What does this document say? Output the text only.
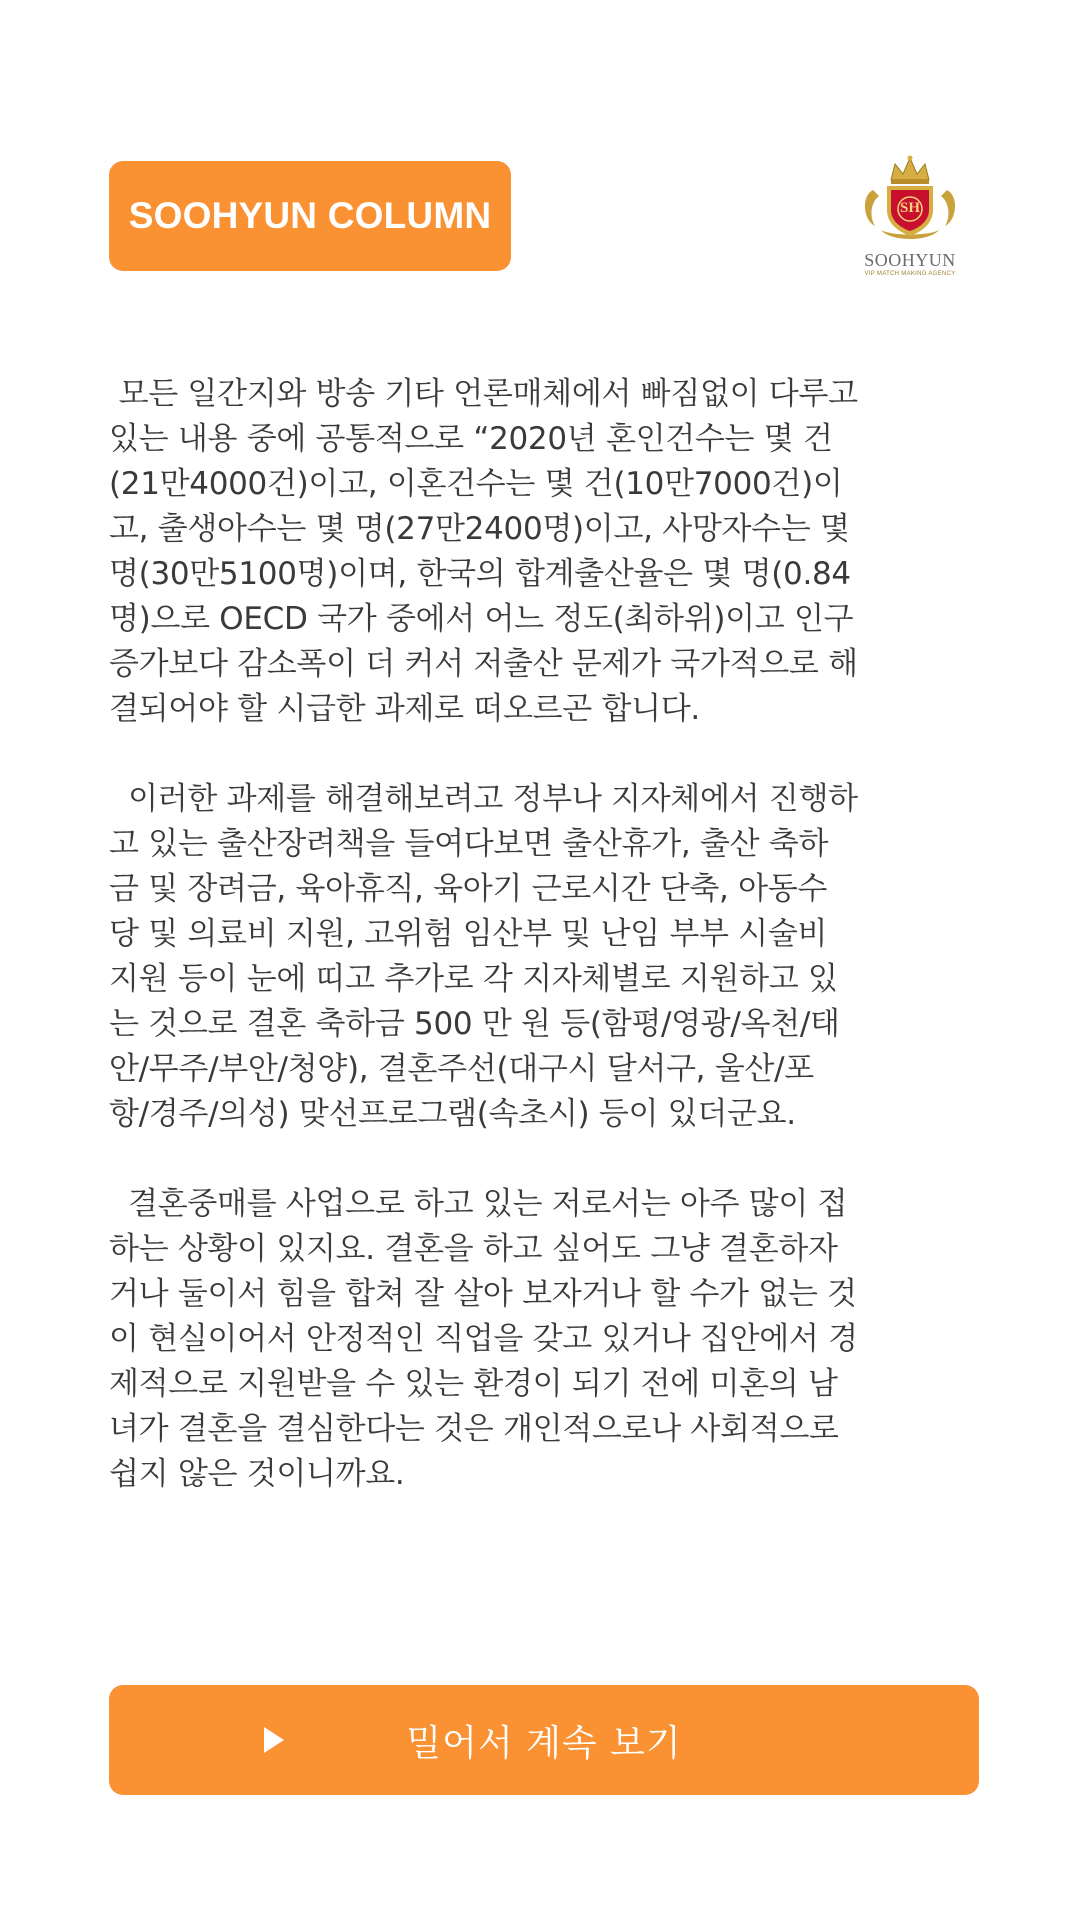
SOOHYUN COLUMN
SOOHYUN
VIP MATCH MAKING AGENCY
SH

모든 일간지와 방송 기타 언론매체에서 빠짐없이 다루고
있는 내용 중에 공통적으로 “2020년 혼인건수는 몇 건
(21만4000건)이고, 이혼건수는 몇 건(10만7000건)이
고, 출생아수는 몇 명(27만2400명)이고, 사망자수는 몇
명(30만5100명)이며, 한국의 합계출산율은 몇 명(0.84
명)으로 OECD 국가 중에서 어느 정도(최하위)이고 인구
증가보다 감소폭이 더 커서 저출산 문제가 국가적으로 해
결되어야 할 시급한 과제로 떠오르곤 합니다.

이러한 과제를 해결해보려고 정부나 지자체에서 진행하
고 있는 출산장려책을 들여다보면 출산휴가, 출산 축하
금 및 장려금, 육아휴직, 육아기 근로시간 단축, 아동수
당 및 의료비 지원, 고위험 임산부 및 난임 부부 시술비
지원 등이 눈에 띠고 추가로 각 지자체별로 지원하고 있
는 것으로 결혼 축하금 500 만 원 등(함평/영광/옥천/태
안/무주/부안/청양), 결혼주선(대구시 달서구, 울산/포
항/경주/의성) 맞선프로그램(속초시) 등이 있더군요.

결혼중매를 사업으로 하고 있는 저로서는 아주 많이 접
하는 상황이 있지요. 결혼을 하고 싶어도 그냥 결혼하자
거나 둘이서 힘을 합쳐 잘 살아 보자거나 할 수가 없는 것
이 현실이어서 안정적인 직업을 갖고 있거나 집안에서 경
제적으로 지원받을 수 있는 환경이 되기 전에 미혼의 남
녀가 결혼을 결심한다는 것은 개인적으로나 사회적으로
쉽지 않은 것이니까요.

밀어서 계속 보기
